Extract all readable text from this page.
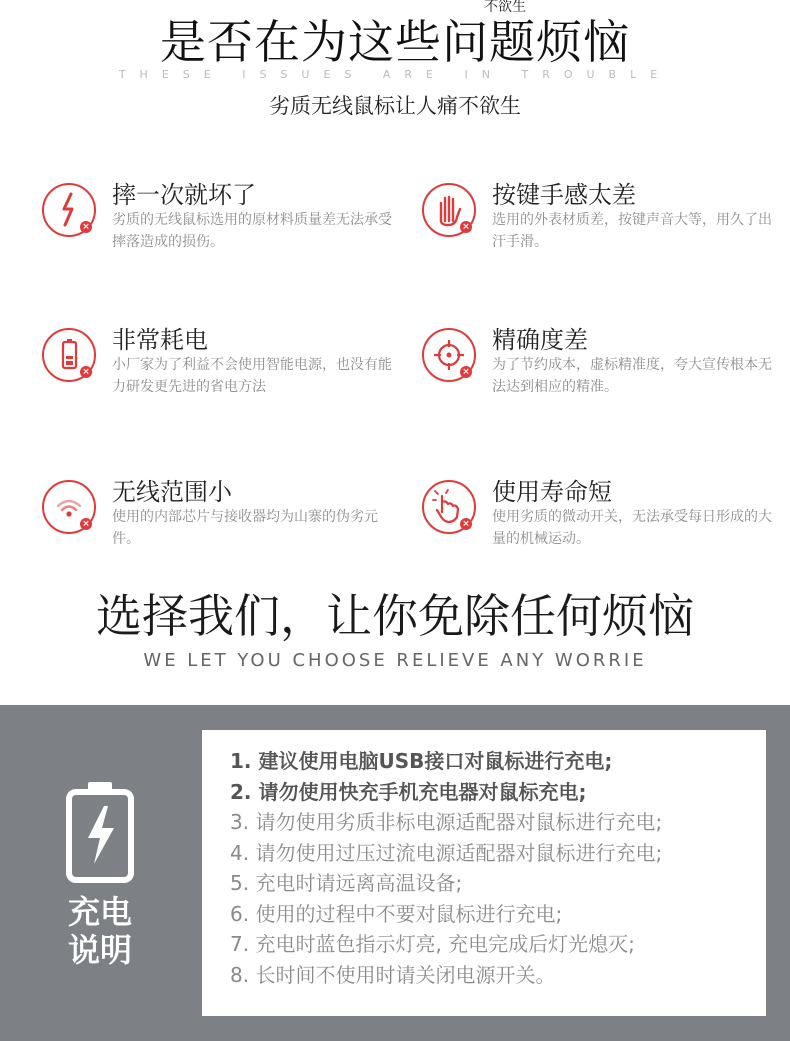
是否在为这些问题烦恼
不欲生
THESE ISSUES ARE IN TROUBLE
劣质无线鼠标让人痛不欲生
×
摔一次就坏了
劣质的无线鼠标选用的原材料质量差无法承受摔落造成的损伤。
×
按键手感太差
选用的外表材质差，按键声音大等，用久了出汗手滑。
×
非常耗电
小厂家为了利益不会使用智能电源，也没有能力研发更先进的省电方法
×
精确度差
为了节约成本，虚标精准度，夸大宣传根本无法达到相应的精准。
×
无线范围小
使用的内部芯片与接收器均为山寨的伪劣元件。
×
使用寿命短
使用劣质的微动开关，无法承受每日形成的大量的机械运动。
选择我们，让你免除任何烦恼
WE LET YOU CHOOSE RELIEVE ANY WORRIE
充电
说明
1. 建议使用电脑USB接口对鼠标进行充电;
2. 请勿使用快充手机充电器对鼠标充电;
3. 请勿使用劣质非标电源适配器对鼠标进行充电;
4. 请勿使用过压过流电源适配器对鼠标进行充电;
5. 充电时请远离高温设备;
6. 使用的过程中不要对鼠标进行充电;
7. 充电时蓝色指示灯亮, 充电完成后灯光熄灭;
8. 长时间不使用时请关闭电源开关。
